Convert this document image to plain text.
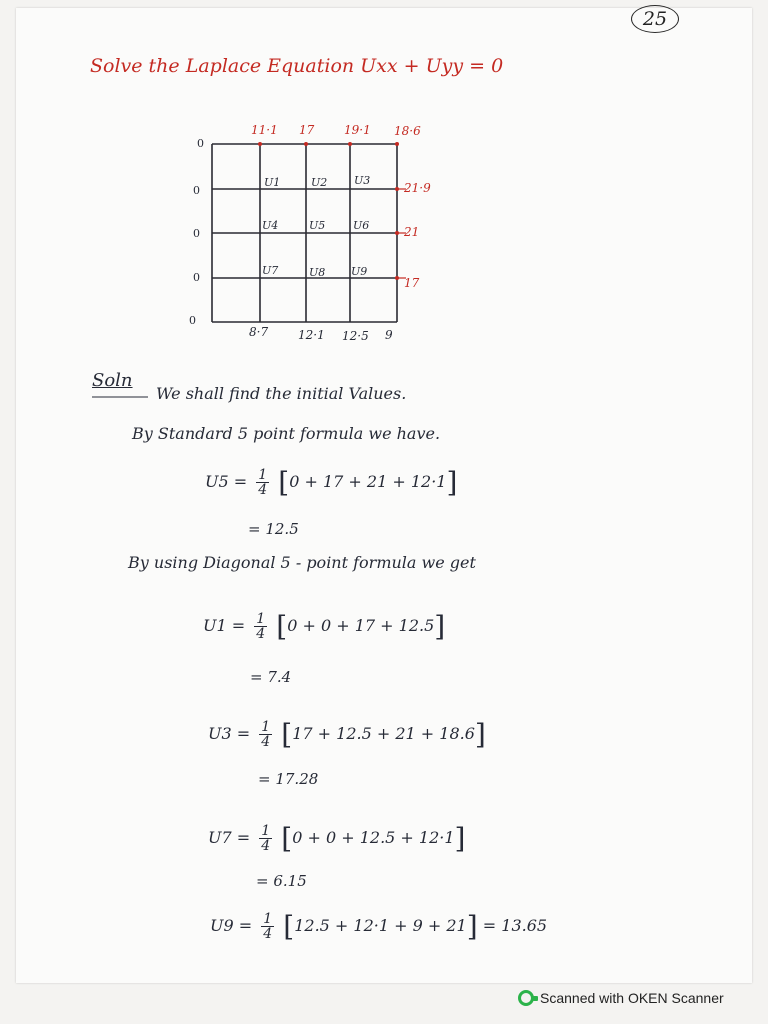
25
Solve the Laplace Equation Uxx + Uyy = 0
11·1 17 19·1 18·6
21·9
21
17
8·7 12·1 12·5 9
0
0
0
0
0
U1	U2 U3
U4	U5	U6
U7	U8 U9
Soln
We shall find the initial Values.
By Standard 5 point formula we have.
$U5 = \frac{1}{4} [0 + 17 + 21 + 12\cdot 1]$
= 12.5
By using Diagonal 5 - point formula we get
$U1 = \frac{1}{4} [0 + 0 + 17 + 12.5]$
= 7.4
$U3 = \frac{1}{4} [17 + 12.5 + 21 + 18.6]$
= 17.28
$U7 = \frac{1}{4} [0 + 0 + 12.5 + 12\cdot 1]$
= 6.15
$U9 = \frac{1}{4} [12.5 + 12\cdot 1 + 9 + 21] = 13.65$
Scanned with OKEN Scanner
